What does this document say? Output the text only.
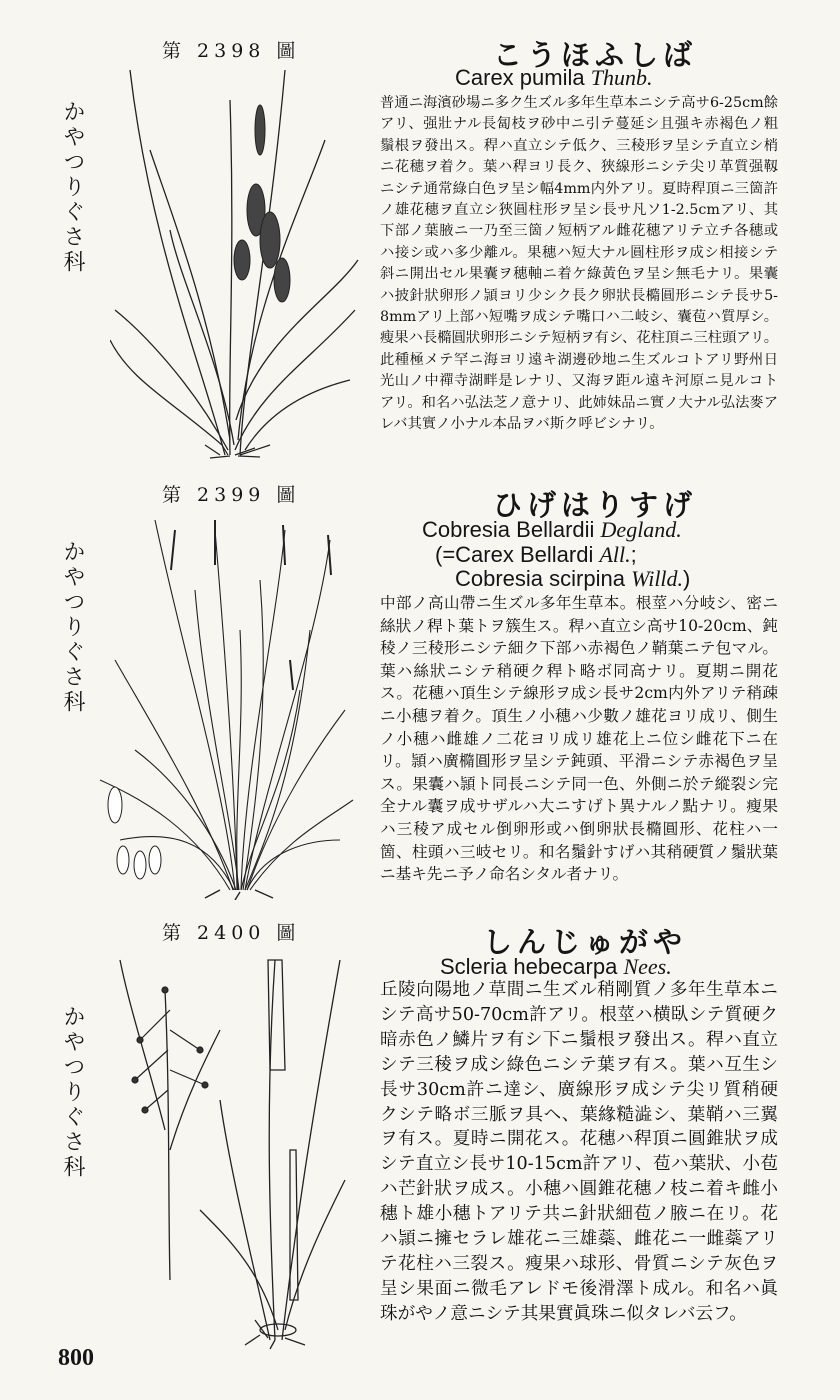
第 2398 圖
かやつりぐさ科
こうほふしば
Carex pumila Thunb.
普通ニ海濱砂場ニ多ク生ズル多年生草本ニシテ高サ6-25cm餘アリ、强壯ナル長匐枝ヲ砂中ニ引テ蔓延シ且强キ赤褐色ノ粗鬚根ヲ發出ス。稈ハ直立シテ低ク、三稜形ヲ呈シテ直立シ梢ニ花穗ヲ着ク。葉ハ稈ヨリ長ク、狹線形ニシテ尖リ革質强靱ニシテ通常綠白色ヲ呈シ幅4mm内外アリ。夏時稈頂ニ三箇許ノ雄花穗ヲ直立シ狹圓柱形ヲ呈シ長サ凡ソ1-2.5cmアリ、其下部ノ葉腋ニ一乃至三箇ノ短柄アル雌花穗アリテ立チ各穗或ハ接シ或ハ多少離ル。果穗ハ短大ナル圓柱形ヲ成シ相接シテ斜ニ開出セル果囊ヲ穗軸ニ着ケ綠黃色ヲ呈シ無毛ナリ。果囊ハ披針狀卵形ノ頴ヨリ少シク長ク卵狀長橢圓形ニシテ長サ5-8mmアリ上部ハ短嘴ヲ成シテ嘴口ハ二岐シ、囊苞ハ質厚シ。瘦果ハ長橢圓狀卵形ニシテ短柄ヲ有シ、花柱頂ニ三柱頭アリ。此種極メテ罕ニ海ヨリ遠キ湖邊砂地ニ生ズルコトアリ野州日光山ノ中禪寺湖畔是レナリ、又海ヲ距ル遠キ河原ニ見ルコトアリ。和名ハ弘法芝ノ意ナリ、此姉妹品ニ實ノ大ナル弘法麥アレバ其實ノ小ナル本品ヲバ斯ク呼ビシナリ。
第 2399 圖
かやつりぐさ科
ひげはりすげ
Cobresia Bellardii Degland.
(=Carex Bellardi All.;
Cobresia scirpina Willd.)
中部ノ高山帶ニ生ズル多年生草本。根莖ハ分岐シ、密ニ絲狀ノ稈ト葉トヲ簇生ス。稈ハ直立シ高サ10-20cm、鈍稜ノ三稜形ニシテ細ク下部ハ赤褐色ノ鞘葉ニテ包マル。葉ハ絲狀ニシテ稍硬ク稈ト略ボ同高ナリ。夏期ニ開花ス。花穗ハ頂生シテ線形ヲ成シ長サ2cm内外アリテ稍疎ニ小穗ヲ着ク。頂生ノ小穗ハ少數ノ雄花ヨリ成リ、側生ノ小穗ハ雌雄ノ二花ヨリ成リ雄花上ニ位シ雌花下ニ在リ。頴ハ廣橢圓形ヲ呈シテ鈍頭、平滑ニシテ赤褐色ヲ呈ス。果囊ハ頴ト同長ニシテ同一色、外側ニ於テ縱裂シ完全ナル囊ヲ成サザルハ大ニすげト異ナルノ點ナリ。瘦果ハ三稜ア成セル倒卵形或ハ倒卵狀長橢圓形、花柱ハ一箇、柱頭ハ三岐セリ。和名鬚針すげハ其稍硬質ノ鬚狀葉ニ基キ先ニ予ノ命名シタル者ナリ。
第 2400 圖
かやつりぐさ科
しんじゅがや
Scleria hebecarpa Nees.
丘陵向陽地ノ草間ニ生ズル稍剛質ノ多年生草本ニシテ高サ50-70cm許アリ。根莖ハ横臥シテ質硬ク暗赤色ノ鱗片ヲ有シ下ニ鬚根ヲ發出ス。稈ハ直立シテ三稜ヲ成シ綠色ニシテ葉ヲ有ス。葉ハ互生シ長サ30cm許ニ達シ、廣線形ヲ成シテ尖リ質稍硬クシテ略ボ三脈ヲ具ヘ、葉緣糙澁シ、葉鞘ハ三翼ヲ有ス。夏時ニ開花ス。花穗ハ稈頂ニ圓錐狀ヲ成シテ直立シ長サ10-15cm許アリ、苞ハ葉狀、小苞ハ芒針狀ヲ成ス。小穗ハ圓錐花穗ノ枝ニ着キ雌小穗ト雄小穗トアリテ共ニ針狀細苞ノ腋ニ在リ。花ハ頴ニ擁セラレ雄花ニ三雄蘂、雌花ニ一雌蘂アリテ花柱ハ三裂ス。瘦果ハ球形、骨質ニシテ灰色ヲ呈シ果面ニ微毛アレドモ後滑澤ト成ル。和名ハ眞珠がやノ意ニシテ其果實眞珠ニ似タレバ云フ。
800
